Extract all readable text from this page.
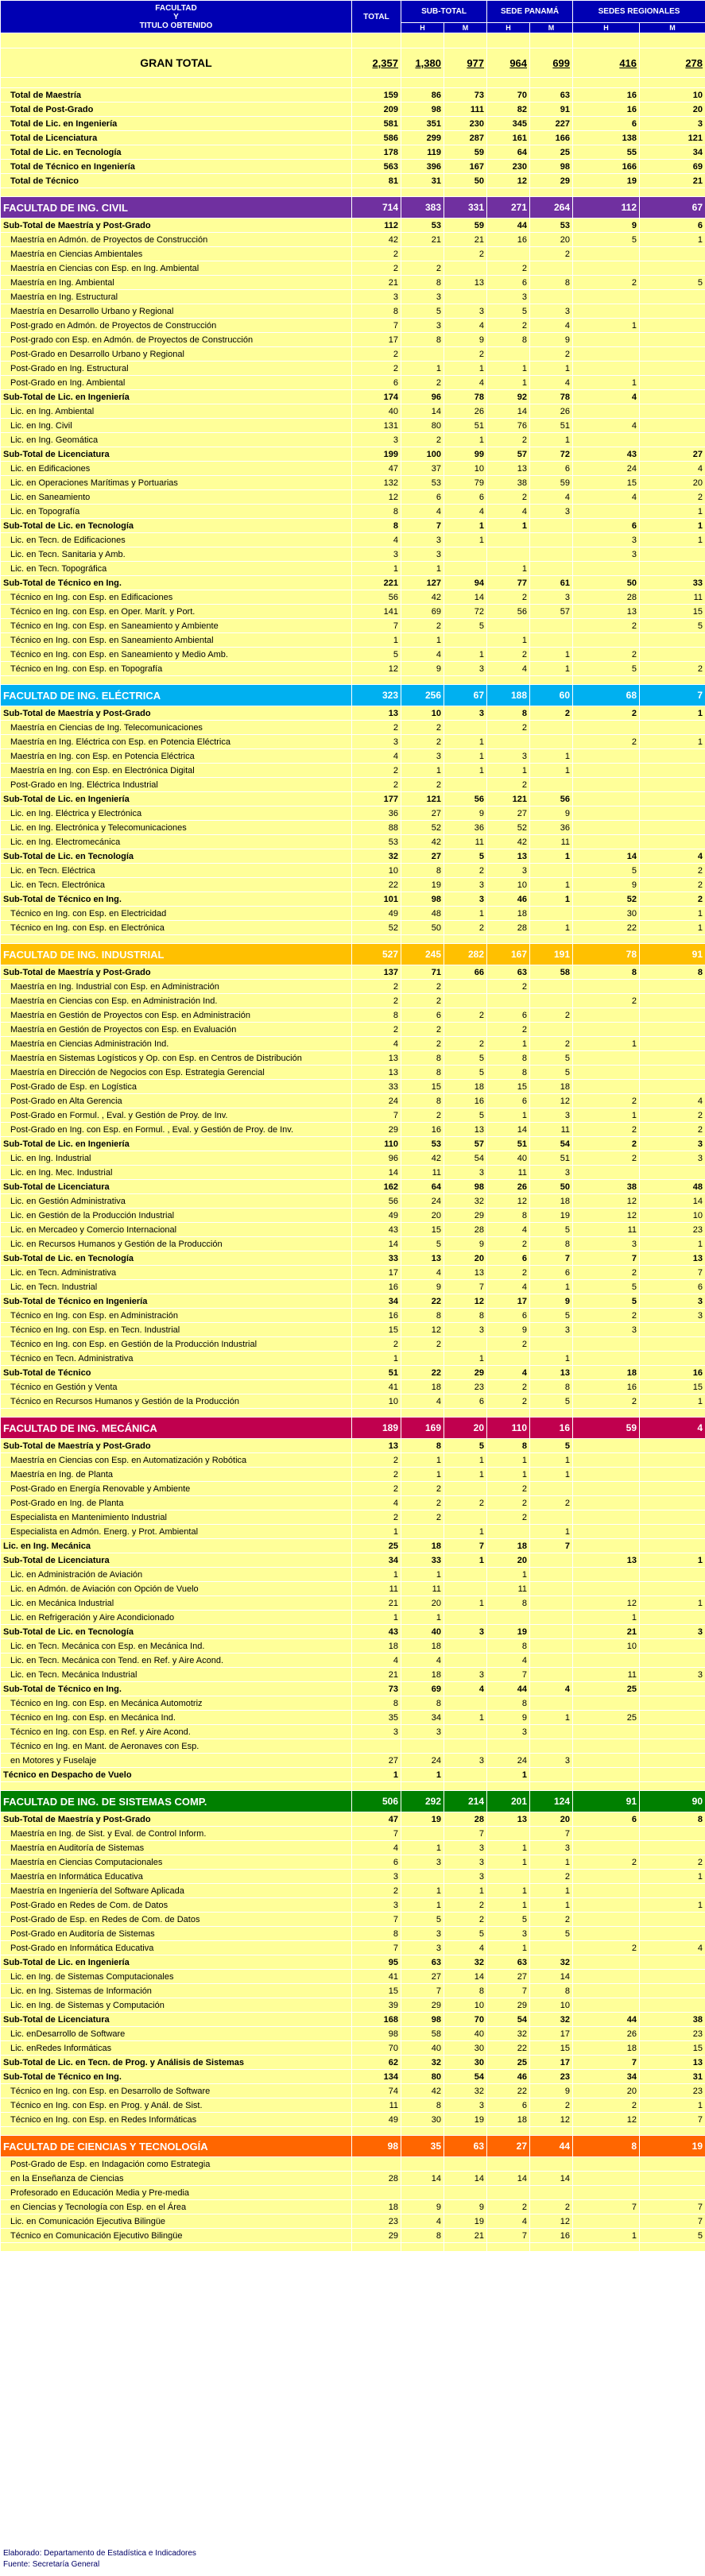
FACULTAD
Y
TITULO OBTENIDO	TOTAL	SUB-TOTAL		SEDE PANAMÁ		SEDES REGIONALES	
		H	M	H	M	H	M

GRAN TOTAL	2,357	1,380	977	964	699	416	278

Total de Maestría	159	86	73	70	63	16	10
Total de Post-Grado	209	98	111	82	91	16	20
Total de Lic. en Ingeniería	581	351	230	345	227	6	3
Total de Licenciatura	586	299	287	161	166	138	121
Total de Lic. en Tecnología	178	119	59	64	25	55	34
Total de Técnico en Ingeniería	563	396	167	230	98	166	69
Total de Técnico	81	31	50	12	29	19	21

FACULTAD DE ING. CIVIL	714	383	331	271	264	112	67
Sub-Total de Maestría y Post-Grado	112	53	59	44	53	9	6
Maestría en Admón. de Proyectos de Construcción	42	21	21	16	20	5	1
Maestría en Ciencias Ambientales	2		2		2		
Maestría en Ciencias con Esp. en Ing. Ambiental	2	2		2			
Maestría en Ing. Ambiental	21	8	13	6	8	2	5
Maestría en Ing. Estructural	3	3		3			
Maestría en Desarrollo Urbano y Regional	8	5	3	5	3		
Post-grado en Admón. de Proyectos de Construcción	7	3	4	2	4	1	
Post-grado con Esp. en Admón. de Proyectos de Construcción	17	8	9	8	9		
Post-Grado en Desarrollo Urbano y Regional	2		2		2		
Post-Grado en Ing. Estructural	2	1	1	1	1		
Post-Grado en Ing. Ambiental	6	2	4	1	4	1	
Sub-Total de Lic. en Ingeniería	174	96	78	92	78	4	
Lic. en Ing. Ambiental	40	14	26	14	26		
Lic. en Ing. Civil	131	80	51	76	51	4	
Lic. en Ing. Geomática	3	2	1	2	1		
Sub-Total de Licenciatura	199	100	99	57	72	43	27
Lic. en Edificaciones	47	37	10	13	6	24	4
Lic. en Operaciones Marítimas y Portuarias	132	53	79	38	59	15	20
Lic. en Saneamiento	12	6	6	2	4	4	2
Lic. en Topografía	8	4	4	4	3		1
Sub-Total de Lic. en Tecnología	8	7	1	1		6	1
Lic. en Tecn. de Edificaciones	4	3	1			3	1
Lic. en Tecn. Sanitaria y Amb.	3	3				3	
Lic. en Tecn. Topográfica	1	1		1			
Sub-Total de Técnico en Ing.	221	127	94	77	61	50	33
Técnico en Ing. con Esp. en Edificaciones	56	42	14	2	3	28	11
Técnico en Ing. con Esp. en Oper. Marít. y Port.	141	69	72	56	57	13	15
Técnico en Ing. con Esp. en Saneamiento y Ambiente	7	2	5			2	5
Técnico en Ing. con Esp. en Saneamiento Ambiental	1	1		1			
Técnico en Ing. con Esp. en Saneamiento y Medio Amb.	5	4	1	2	1	2	
Técnico en Ing. con Esp. en Topografía	12	9	3	4	1	5	2

FACULTAD DE ING. ELÉCTRICA	323	256	67	188	60	68	7
Sub-Total de Maestría y Post-Grado	13	10	3	8	2	2	1
Maestría en Ciencias de Ing. Telecomunicaciones	2	2		2			
Maestría en Ing. Eléctrica con Esp. en Potencia Eléctrica	3	2	1			2	1
Maestría en Ing. con Esp. en Potencia Eléctrica	4	3	1	3	1		
Maestría en Ing. con Esp. en Electrónica Digital	2	1	1	1	1		
Post-Grado en Ing. Eléctrica Industrial	2	2		2			
Sub-Total de Lic. en Ingeniería	177	121	56	121	56		
Lic. en Ing. Eléctrica y Electrónica	36	27	9	27	9		
Lic. en Ing. Electrónica y Telecomunicaciones	88	52	36	52	36		
Lic. en Ing. Electromecánica	53	42	11	42	11		
Sub-Total de Lic. en Tecnología	32	27	5	13	1	14	4
Lic. en Tecn. Eléctrica	10	8	2	3		5	2
Lic. en Tecn. Electrónica	22	19	3	10	1	9	2
Sub-Total de Técnico en Ing.	101	98	3	46	1	52	2
Técnico en Ing. con Esp. en Electricidad	49	48	1	18		30	1
Técnico en Ing. con Esp. en Electrónica	52	50	2	28	1	22	1

FACULTAD DE ING. INDUSTRIAL	527	245	282	167	191	78	91
Sub-Total de Maestría y Post-Grado	137	71	66	63	58	8	8
Maestría en Ing. Industrial con Esp. en Administración	2	2		2			
Maestría en Ciencias con Esp. en Administración Ind.	2	2				2	
Maestría en Gestión de Proyectos con Esp. en Administración	8	6	2	6	2		
Maestría en Gestión de Proyectos con Esp. en Evaluación	2	2		2			
Maestría en Ciencias Administración Ind.	4	2	2	1	2	1	
Maestría en Sistemas Logísticos y Op. con Esp. en Centros de Distribución	13	8	5	8	5		
Maestría en Dirección de Negocios con Esp. Estrategia Gerencial	13	8	5	8	5		
Post-Grado de Esp. en Logística	33	15	18	15	18		
Post-Grado en Alta Gerencia	24	8	16	6	12	2	4
Post-Grado en Formul. , Eval. y Gestión de Proy. de Inv.	7	2	5	1	3	1	2
Post-Grado en Ing. con Esp. en Formul. , Eval. y Gestión de Proy. de Inv.	29	16	13	14	11	2	2
Sub-Total de Lic. en Ingeniería	110	53	57	51	54	2	3
Lic. en Ing. Industrial	96	42	54	40	51	2	3
Lic. en Ing. Mec. Industrial	14	11	3	11	3		
Sub-Total de Licenciatura	162	64	98	26	50	38	48
Lic. en Gestión Administrativa	56	24	32	12	18	12	14
Lic. en Gestión de la Producción Industrial	49	20	29	8	19	12	10
Lic. en Mercadeo y Comercio Internacional	43	15	28	4	5	11	23
Lic. en Recursos Humanos y Gestión de la Producción	14	5	9	2	8	3	1
Sub-Total de Lic. en Tecnología	33	13	20	6	7	7	13
Lic. en Tecn. Administrativa	17	4	13	2	6	2	7
Lic. en Tecn. Industrial	16	9	7	4	1	5	6
Sub-Total de Técnico en Ingeniería	34	22	12	17	9	5	3
Técnico en Ing. con Esp. en Administración	16	8	8	6	5	2	3
Técnico en Ing. con Esp. en Tecn. Industrial	15	12	3	9	3	3	
Técnico en Ing. con Esp. en Gestión de la Producción Industrial	2	2		2			
Técnico en Tecn. Administrativa	1		1		1		
Sub-Total de Técnico	51	22	29	4	13	18	16
Técnico en Gestión y Venta	41	18	23	2	8	16	15
Técnico en Recursos Humanos y Gestión de la Producción	10	4	6	2	5	2	1

FACULTAD DE ING. MECÁNICA	189	169	20	110	16	59	4
Sub-Total de Maestría y Post-Grado	13	8	5	8	5		
Maestría en Ciencias con Esp. en Automatización y Robótica	2	1	1	1	1		
Maestría en Ing. de Planta	2	1	1	1	1		
Post-Grado en Energía Renovable y Ambiente	2	2		2			
Post-Grado en Ing. de Planta	4	2	2	2	2		
Especialista en Mantenimiento Industrial	2	2		2			
Especialista en Admón. Energ. y Prot. Ambiental	1		1		1		
Lic. en Ing. Mecánica	25	18	7	18	7		
Sub-Total de Licenciatura	34	33	1	20		13	1
Lic. en Administración de Aviación	1	1		1			
Lic. en Admón. de Aviación con Opción de Vuelo	11	11		11			
Lic. en Mecánica Industrial	21	20	1	8		12	1
Lic. en Refrigeración y Aire Acondicionado	1	1				1	
Sub-Total de Lic. en Tecnología	43	40	3	19		21	3
Lic. en Tecn. Mecánica con Esp. en Mecánica Ind.	18	18		8		10	
Lic. en Tecn. Mecánica con Tend. en Ref. y Aire Acond.	4	4		4			
Lic. en Tecn. Mecánica Industrial	21	18	3	7		11	3
Sub-Total de Técnico en Ing.	73	69	4	44	4	25	
Técnico en Ing. con Esp. en Mecánica Automotriz	8	8		8			
Técnico en Ing. con Esp. en Mecánica Ind.	35	34	1	9	1	25	
Técnico en Ing. con Esp. en Ref. y Aire Acond.	3	3		3			
Técnico en Ing. en Mant. de Aeronaves con Esp.							
en Motores y Fuselaje	27	24	3	24	3		
Técnico en Despacho de Vuelo	1	1		1			

FACULTAD DE ING. DE SISTEMAS COMP.	506	292	214	201	124	91	90
Sub-Total de Maestría y Post-Grado	47	19	28	13	20	6	8
Maestría en Ing. de Sist. y Eval. de Control Inform.	7		7		7		
Maestría en Auditoría de Sistemas	4	1	3	1	3		
Maestría en Ciencias Computacionales	6	3	3	1	1	2	2
Maestría en Informática Educativa	3		3		2		1
Maestría en Ingeniería del Software Aplicada	2	1	1	1	1		
Post-Grado en Redes de Com. de Datos	3	1	2	1	1		1
Post-Grado de Esp. en Redes de Com. de Datos	7	5	2	5	2		
Post-Grado en Auditoría de Sistemas	8	3	5	3	5		
Post-Grado en Informática Educativa	7	3	4	1		2	4
Sub-Total de Lic. en Ingeniería	95	63	32	63	32		
Lic. en Ing. de Sistemas Computacionales	41	27	14	27	14		
Lic. en Ing. Sistemas de Información	15	7	8	7	8		
Lic. en Ing. de Sistemas y Computación	39	29	10	29	10		
Sub-Total de Licenciatura	168	98	70	54	32	44	38
Lic. enDesarrollo de Software	98	58	40	32	17	26	23
Lic. enRedes Informáticas	70	40	30	22	15	18	15
Sub-Total de Lic. en Tecn. de Prog. y Análisis de Sistemas	62	32	30	25	17	7	13
Sub-Total de Técnico en Ing.	134	80	54	46	23	34	31
Técnico en Ing. con Esp. en Desarrollo de Software	74	42	32	22	9	20	23
Técnico en Ing. con Esp. en Prog. y Anál. de Sist.	11	8	3	6	2	2	1
Técnico en Ing. con Esp. en Redes Informáticas	49	30	19	18	12	12	7

FACULTAD DE CIENCIAS Y TECNOLOGÍA	98	35	63	27	44	8	19
Post-Grado de Esp. en Indagación como Estrategia							
en la Enseñanza de Ciencias	28	14	14	14	14		
Profesorado en Educación Media y Pre-media							
en Ciencias y Tecnología con Esp. en el Área	18	9	9	2	2	7	7
Lic. en Comunicación Ejecutiva Bilingüe	23	4	19	4	12		7
Técnico en Comunicación Ejecutivo Bilingüe	29	8	21	7	16	1	5

Elaborado: Departamento de Estadística e Indicadores
Fuente: Secretaría General
